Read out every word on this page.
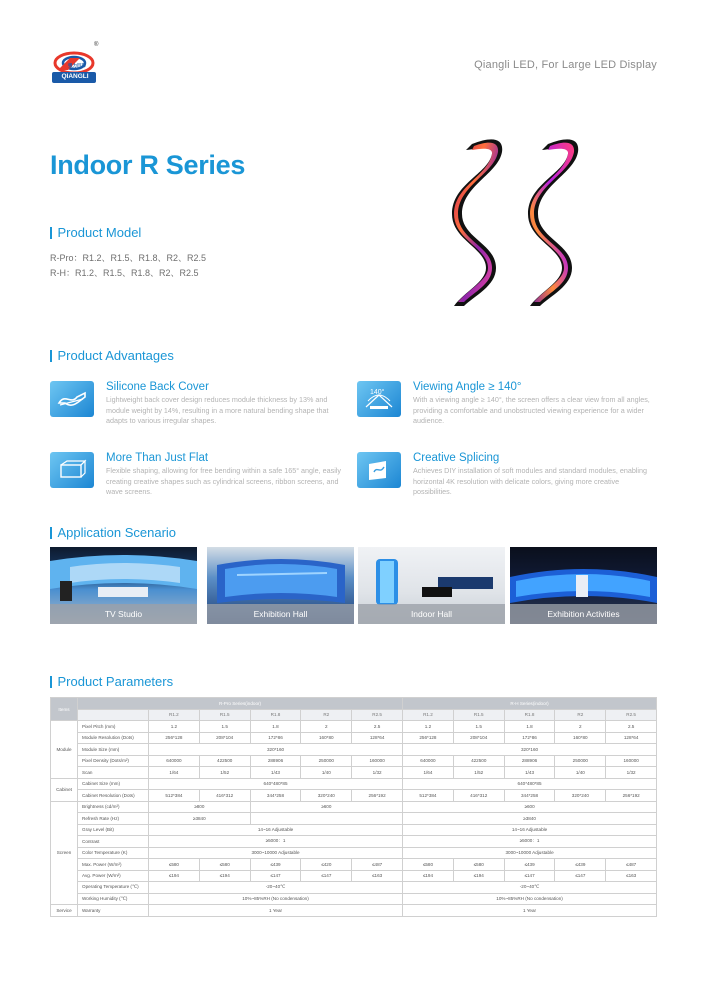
®
QIANGLI
强力巨彩	Qiangli LED, For Large LED Display
Indoor R Series
Product Model
R-Pro：R1.2、R1.5、R1.8、R2、R2.5
R-H：R1.2、R1.5、R1.8、R2、R2.5
Product Advantages
Silicone Back Cover
Lightweight back cover design reduces module thickness by 13% and module weight by 14%, resulting in a more natural bending shape that adapts to various irregular shapes.
140° Viewing Angle ≥ 140°
With a viewing angle ≥ 140°, the screen offers a clear view from all angles, providing a comfortable and unobstructed viewing experience for a wider audience.
More Than Just Flat
Flexible shaping, allowing for free bending within a safe 165° angle, easily creating creative shapes such as cylindrical screens, ribbon screens, and wave screens.
Creative Splicing
Achieves DIY installation of soft modules and standard modules, enabling horizontal 4K resolution with delicate colors, giving more creative possibilities.
Application Scenario
TV Studio	Exhibition Hall	Indoor Hall	Exhibition Activities
Product Parameters
Items	R-Pro Series(indoor)						R-H Series(indoor)				
		R1.2	R1.5	R1.8	R2	R2.5	R1.2	R1.5	R1.8	R2	R2.5
Module	Pixel Pitch (mm)	1.2	1.5	1.8	2	2.5	1.2	1.5	1.8	2	2.5
	Module Resolution (Dots)	256*128	208*104	172*86	160*80	128*64	256*128	208*104	172*86	160*80	128*64
	Module Size (mm)	320*160					320*160				
	Pixel Density (Dots/m²)	640000	422500	288906	250000	160000	640000	422500	288906	250000	160000
	Scan	1/64	1/52	1/43	1/40	1/32	1/64	1/52	1/43	1/40	1/32
Cabinet	Cabinet Size (mm)	640*480*85					640*480*85				
	Cabinet Resolution (Dots)	512*384	416*312	344*258	320*240	256*192	512*384	416*312	344*258	320*240	256*192
Screen	Brightness (cd/m²)	≥800		≥600			≥600				
	Refresh Rate (Hz)	≥3840					≥3840				
	Gray Level (Bit)	14~16 Adjustable					14~16 Adjustable				
	Contrast	≥5000：1					≥5000：1				
	Color Temperature (K)	3000~10000 Adjustable					3000~10000 Adjustable				
	Max. Power (W/m²)	≤580	≤580	≤439	≤420	≤487	≤580	≤580	≤439	≤439	≤487
	Avg. Power (W/m²)	≤194	≤194	≤147	≤147	≤163	≤194	≤194	≤147	≤147	≤163
	Operating Temperature (℃)	-20~40℃					-20~40℃				
	Working Humidity (℃)	10%~85%RH (No condensation)					10%~85%RH (No condensation)				
Service	Warranty	1 Year					1 Year				
